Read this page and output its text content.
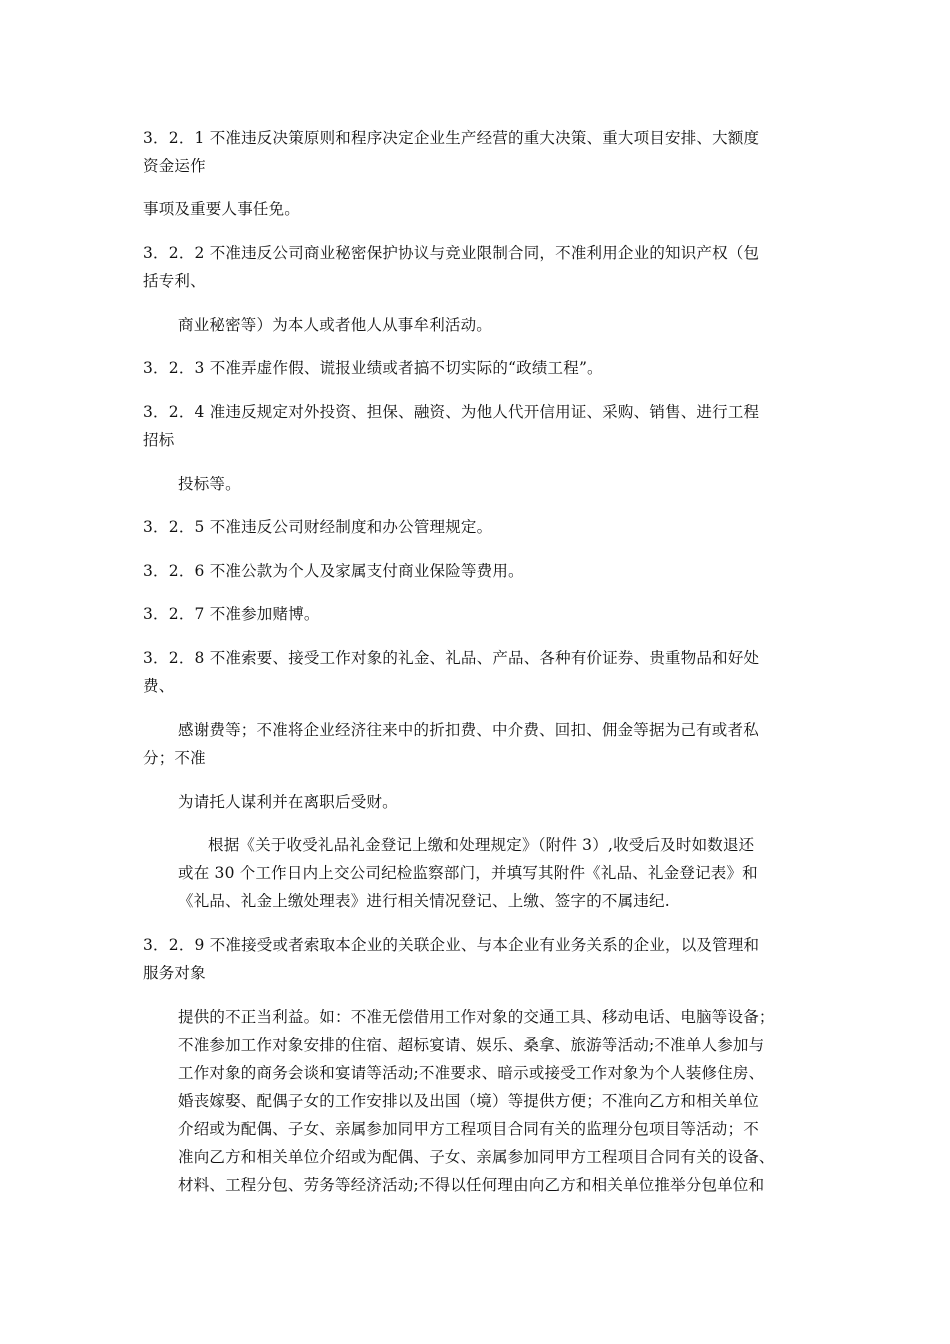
3．2．1 不准违反决策原则和程序决定企业生产经营的重大决策、重大项目安排、大额度
资金运作
事项及重要人事任免。
3．2．2 不准违反公司商业秘密保护协议与竞业限制合同，不准利用企业的知识产权（包
括专利、
商业秘密等）为本人或者他人从事牟利活动。
3．2．3 不准弄虚作假、谎报业绩或者搞不切实际的“政绩工程”。
3．2．4 准违反规定对外投资、担保、融资、为他人代开信用证、采购、销售、进行工程
招标
投标等。
3．2．5 不准违反公司财经制度和办公管理规定。
3．2．6 不准公款为个人及家属支付商业保险等费用。
3．2．7 不准参加赌博。
3．2．8 不准索要、接受工作对象的礼金、礼品、产品、各种有价证券、贵重物品和好处
费、
感谢费等；不准将企业经济往来中的折扣费、中介费、回扣、佣金等据为己有或者私
分；不准
为请托人谋利并在离职后受财。
根据《关于收受礼品礼金登记上缴和处理规定》（附件 3）,收受后及时如数退还
或在 30 个工作日内上交公司纪检监察部门，并填写其附件《礼品、礼金登记表》和
《礼品、礼金上缴处理表》进行相关情况登记、上缴、签字的不属违纪.
3．2．9 不准接受或者索取本企业的关联企业、与本企业有业务关系的企业，以及管理和
服务对象
提供的不正当利益。如：不准无偿借用工作对象的交通工具、移动电话、电脑等设备；
不准参加工作对象安排的住宿、超标宴请、娱乐、桑拿、旅游等活动;不准单人参加与
工作对象的商务会谈和宴请等活动;不准要求、暗示或接受工作对象为个人装修住房、
婚丧嫁娶、配偶子女的工作安排以及出国（境）等提供方便；不准向乙方和相关单位
介绍或为配偶、子女、亲属参加同甲方工程项目合同有关的监理分包项目等活动；不
准向乙方和相关单位介绍或为配偶、子女、亲属参加同甲方工程项目合同有关的设备、
材料、工程分包、劳务等经济活动;不得以任何理由向乙方和相关单位推举分包单位和
